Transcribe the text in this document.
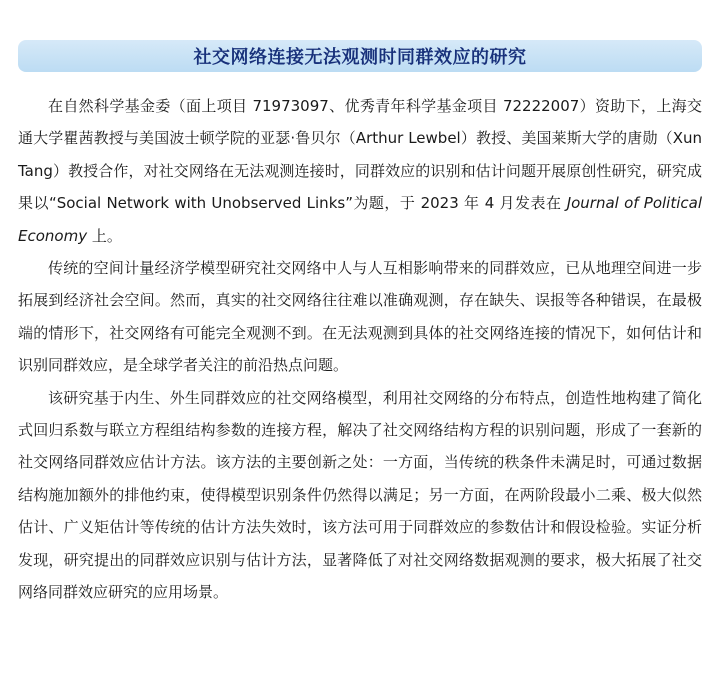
社交网络连接无法观测时同群效应的研究

在自然科学基金委（面上项目 71973097、优秀青年科学基金项目 72222007）资助下，上海交通大学瞿茜教授与美国波士顿学院的亚瑟·鲁贝尔（Arthur Lewbel）教授、美国莱斯大学的唐勋（Xun Tang）教授合作，对社交网络在无法观测连接时，同群效应的识别和估计问题开展原创性研究，研究成果以“Social Network with Unobserved Links”为题，于 2023 年 4 月发表在 Journal of Political Economy 上。

传统的空间计量经济学模型研究社交网络中人与人互相影响带来的同群效应，已从地理空间进一步拓展到经济社会空间。然而，真实的社交网络往往难以准确观测，存在缺失、误报等各种错误，在最极端的情形下，社交网络有可能完全观测不到。在无法观测到具体的社交网络连接的情况下，如何估计和识别同群效应，是全球学者关注的前沿热点问题。

该研究基于内生、外生同群效应的社交网络模型，利用社交网络的分布特点，创造性地构建了简化式回归系数与联立方程组结构参数的连接方程，解决了社交网络结构方程的识别问题，形成了一套新的社交网络同群效应估计方法。该方法的主要创新之处：一方面，当传统的秩条件未满足时，可通过数据结构施加额外的排他约束，使得模型识别条件仍然得以满足；另一方面，在两阶段最小二乘、极大似然估计、广义矩估计等传统的估计方法失效时，该方法可用于同群效应的参数估计和假设检验。实证分析发现，研究提出的同群效应识别与估计方法，显著降低了对社交网络数据观测的要求，极大拓展了社交网络同群效应研究的应用场景。
